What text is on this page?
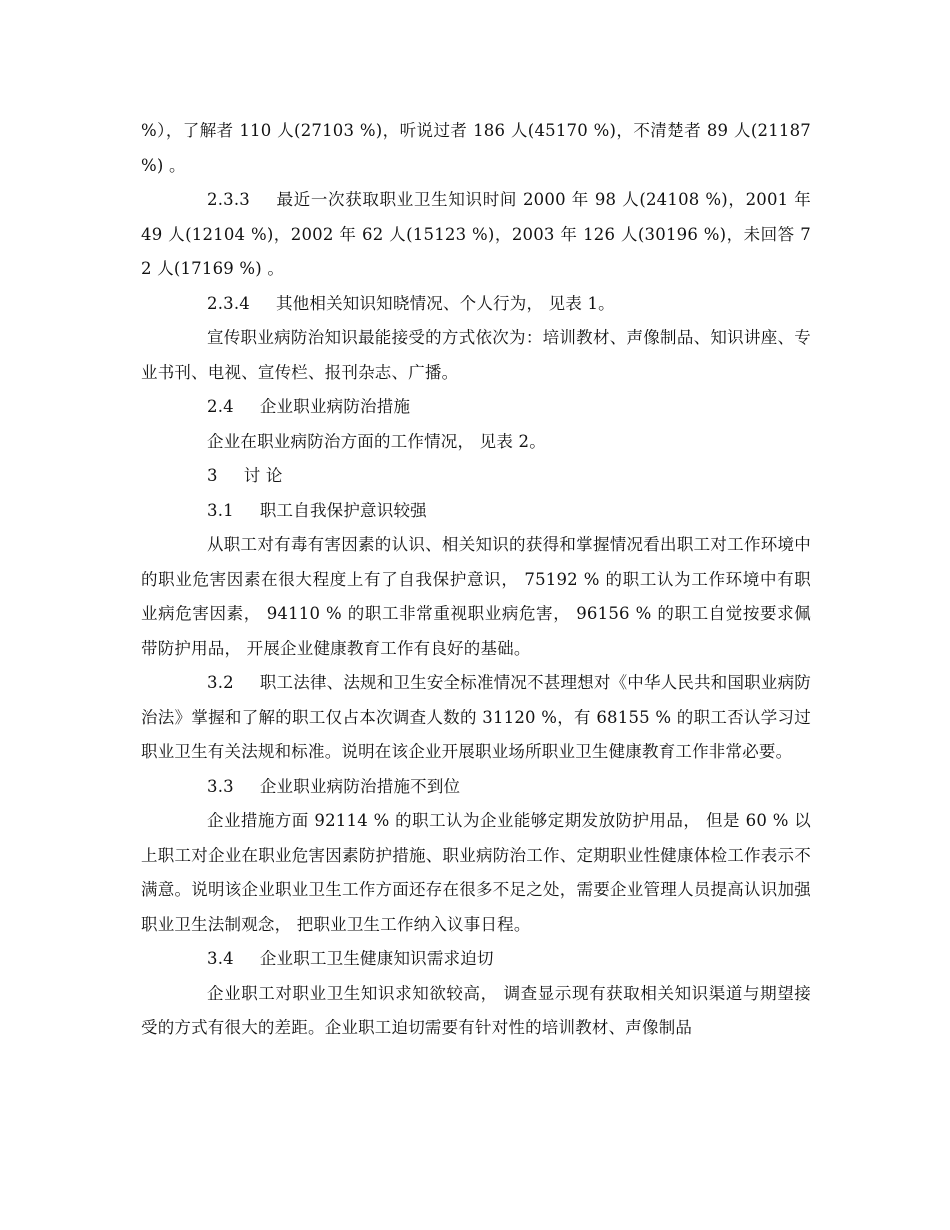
%），了解者 110 人(27103 %)，听说过者 186 人(45170 %)，不清楚者 89 人(21187 %) 。

2.3.3 最近一次获取职业卫生知识时间 2000 年 98 人(24108 %)，2001 年 49 人(12104 %)，2002 年 62 人(15123 %)，2003 年 126 人(30196 %)，未回答 72 人(17169 %) 。

2.3.4 其他相关知识知晓情况、个人行为， 见表 1。

宣传职业病防治知识最能接受的方式依次为：培训教材、声像制品、知识讲座、专业书刊、电视、宣传栏、报刊杂志、广播。

2.4 企业职业病防治措施

企业在职业病防治方面的工作情况， 见表 2。

3 讨 论

3.1 职工自我保护意识较强

从职工对有毒有害因素的认识、相关知识的获得和掌握情况看出职工对工作环境中的职业危害因素在很大程度上有了自我保护意识， 75192 % 的职工认为工作环境中有职业病危害因素， 94110 % 的职工非常重视职业病危害， 96156 % 的职工自觉按要求佩带防护用品， 开展企业健康教育工作有良好的基础。

3.2 职工法律、法规和卫生安全标准情况不甚理想对《中华人民共和国职业病防治法》掌握和了解的职工仅占本次调查人数的 31120 %，有 68155 % 的职工否认学习过职业卫生有关法规和标准。说明在该企业开展职业场所职业卫生健康教育工作非常必要。

3.3 企业职业病防治措施不到位

企业措施方面 92114 % 的职工认为企业能够定期发放防护用品， 但是 60 % 以上职工对企业在职业危害因素防护措施、职业病防治工作、定期职业性健康体检工作表示不满意。说明该企业职业卫生工作方面还存在很多不足之处，需要企业管理人员提高认识加强职业卫生法制观念， 把职业卫生工作纳入议事日程。

3.4 企业职工卫生健康知识需求迫切

企业职工对职业卫生知识求知欲较高， 调查显示现有获取相关知识渠道与期望接受的方式有很大的差距。企业职工迫切需要有针对性的培训教材、声像制品
